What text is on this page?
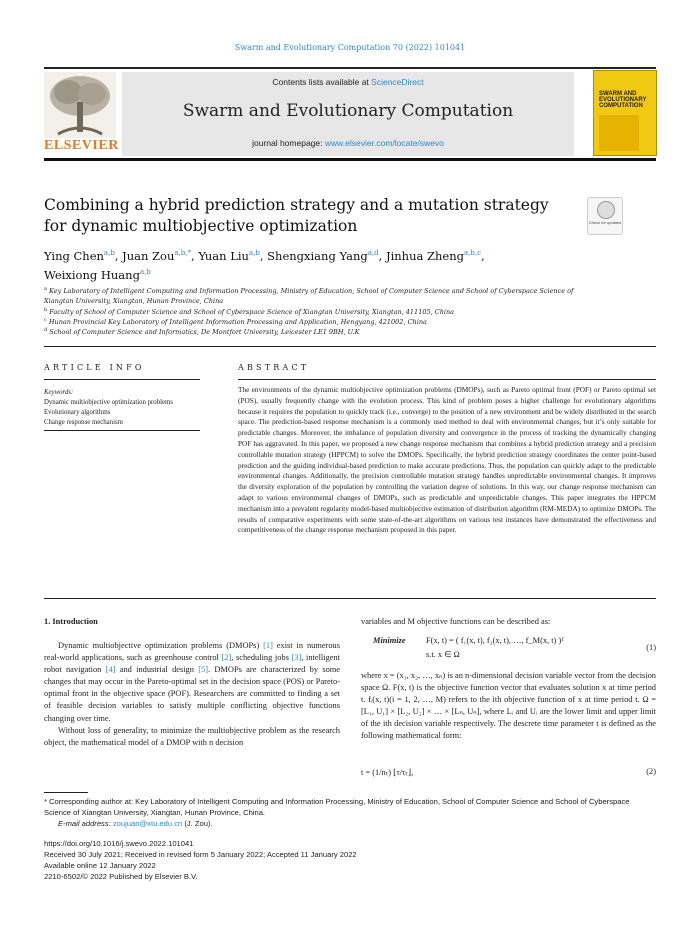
Swarm and Evolutionary Computation 70 (2022) 101041
ELSEVIER
Contents lists available at ScienceDirect
Swarm and Evolutionary Computation
journal homepage: www.elsevier.com/locate/swevo
SWARM AND EVOLUTIONARY COMPUTATION
Combining a hybrid prediction strategy and a mutation strategy for dynamic multiobjective optimization	Check for updates
Ying Chen$^{a,b}$, Juan Zou$^{a,b,*}$, Yuan Liu$^{a,b}$, Shengxiang Yang$^{a,d}$, Jinhua Zheng$^{a,b,c}$,
Weixiong Huang$^{a,b}$
$^a$ Key Laboratory of Intelligent Computing and Information Processing, Ministry of Education, School of Computer Science and School of Cyberspace Science of Xiangtan University, Xiangtan, Hunan Province, China
$^b$ Faculty of School of Computer Science and School of Cyberspace Science of Xiangtan University, Xiangtan, 411105, China
$^c$ Hunan Provincial Key Laboratory of Intelligent Information Processing and Application, Hengyang, 421002, China
$^d$ School of Computer Science and Informatics, De Montfort University, Leicester LE1 9BH, U.K
ARTICLE INFO
Keywords:
Dynamic multiobjective optimization problems
Evolutionary algorithms
Change response mechanism
ABSTRACT
The environments of the dynamic multiobjective optimization problems (DMOPs), such as Pareto optimal front (POF) or Pareto optimal set (POS), usually frequently change with the evolution process. This kind of problem poses a higher challenge for evolutionary algorithms because it requires the population to quickly track (i.e., converge) to the position of a new environment and be widely distributed in the search space. The prediction-based response mechanism is a commonly used method to deal with environmental changes, but it’s only suitable for predictable changes. Moreover, the imbalance of population diversity and convergence in the process of tracking the dynamically changing POF has aggravated. In this paper, we proposed a new change response mechanism that combines a hybrid prediction strategy and a precision controllable mutation strategy (HPPCM) to solve the DMOPs. Specifically, the hybrid prediction strategy coordinates the center point-based prediction and the guiding individual-based prediction to make accurate predictions. Thus, the population can quickly adapt to the predictable environmental changes. Additionally, the precision controllable mutation strategy handles unpredictable environmental changes. It improves the diversity exploration of the population by controlling the variation degree of solutions. In this way, our change response mechanism can adapt to various environmental changes of DMOPs, such as predictable and unpredictable changes. This paper integrates the HPPCM mechanism into a prevalent regularity model-based multiobjective estimation of distribution algorithm (RM-MEDA) to optimize DMOPs. The results of comparative experiments with some state-of-the-art algorithms on various test instances have demonstrated the effectiveness and competitiveness of the change response mechanism proposed in this paper.
1. Introduction

Dynamic multiobjective optimization problems (DMOPs) [1] exist in numerous real-world applications, such as greenhouse control [2], scheduling jobs [3], intelligent robot navigation [4] and industrial design [5]. DMOPs are characterized by some changes that may occur in the Pareto-optimal set in the decision space (POS) or Pareto-optimal front in the objective space (POF). Researchers are committed to finding a set of feasible decision variables to satisfy multiple conflicting objective functions changing over time.

Without loss of generality, to minimize the multiobjective problem as the research object, the mathematical model of a DMOP with n decision

variables and M objective functions can be described as:

Minimize F(x, t) = ( f₁(x, t), f₂(x, t), …, f_M(x, t) )ᵀ
s.t. x ∈ Ω
(1)

where x = (x₁, x₂, …, xₙ) is an n-dimensional decision variable vector from the decision space Ω. F(x, t) is the objective function vector that evaluates solution x at time period t. fᵢ(x, t)(i = 1, 2, …, M) refers to the ith objective function of x at time period t. Ω = [L₁, U₁] × [L₂, U₂] × … × [Lₙ, Uₙ], where Lᵢ and Uᵢ are the lower limit and upper limit of the ith decision variable respectively. The descrete time parameter t is defined as the following mathematical form:

t = (1/nₜ) ⌊τ/τₜ⌋,	(2)
* Corresponding author at: Key Laboratory of Intelligent Computing and Information Processing, Ministry of Education, School of Computer Science and School of Cyberspace Science of Xiangtan University, Xiangtan, Hunan Province, China.
E-mail address: zoujuan@xtu.edu.cn (J. Zou).
https://doi.org/10.1016/j.swevo.2022.101041
Received 30 July 2021; Received in revised form 5 January 2022; Accepted 11 January 2022
Available online 12 January 2022
2210-6502/© 2022 Published by Elsevier B.V.
